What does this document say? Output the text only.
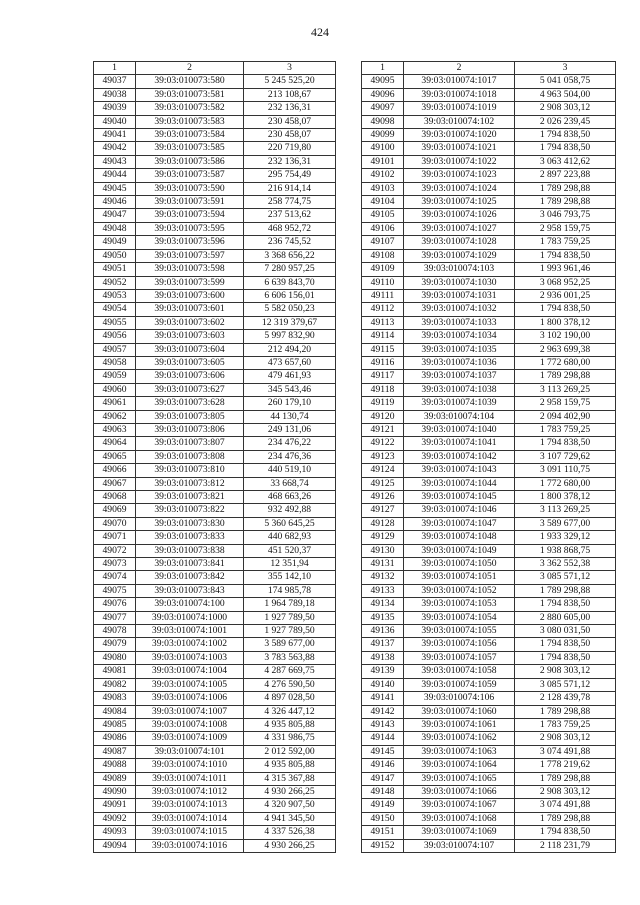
424
1	2	3
49037	39:03:010073:580	5 245 525,20
49038	39:03:010073:581	213 108,67
49039	39:03:010073:582	232 136,31
49040	39:03:010073:583	230 458,07
49041	39:03:010073:584	230 458,07
49042	39:03:010073:585	220 719,80
49043	39:03:010073:586	232 136,31
49044	39:03:010073:587	295 754,49
49045	39:03:010073:590	216 914,14
49046	39:03:010073:591	258 774,75
49047	39:03:010073:594	237 513,62
49048	39:03:010073:595	468 952,72
49049	39:03:010073:596	236 745,52
49050	39:03:010073:597	3 368 656,22
49051	39:03:010073:598	7 280 957,25
49052	39:03:010073:599	6 639 843,70
49053	39:03:010073:600	6 606 156,01
49054	39:03:010073:601	5 582 050,23
49055	39:03:010073:602	12 319 379,67
49056	39:03:010073:603	5 997 832,90
49057	39:03:010073:604	212 494,20
49058	39:03:010073:605	473 657,60
49059	39:03:010073:606	479 461,93
49060	39:03:010073:627	345 543,46
49061	39:03:010073:628	260 179,10
49062	39:03:010073:805	44 130,74
49063	39:03:010073:806	249 131,06
49064	39:03:010073:807	234 476,22
49065	39:03:010073:808	234 476,36
49066	39:03:010073:810	440 519,10
49067	39:03:010073:812	33 668,74
49068	39:03:010073:821	468 663,26
49069	39:03:010073:822	932 492,88
49070	39:03:010073:830	5 360 645,25
49071	39:03:010073:833	440 682,93
49072	39:03:010073:838	451 520,37
49073	39:03:010073:841	12 351,94
49074	39:03:010073:842	355 142,10
49075	39:03:010073:843	174 985,78
49076	39:03:010074:100	1 964 789,18
49077	39:03:010074:1000	1 927 789,50
49078	39:03:010074:1001	1 927 789,50
49079	39:03:010074:1002	3 589 677,00
49080	39:03:010074:1003	3 783 563,88
49081	39:03:010074:1004	4 287 669,75
49082	39:03:010074:1005	4 276 590,50
49083	39:03:010074:1006	4 897 028,50
49084	39:03:010074:1007	4 326 447,12
49085	39:03:010074:1008	4 935 805,88
49086	39:03:010074:1009	4 331 986,75
49087	39:03:010074:101	2 012 592,00
49088	39:03:010074:1010	4 935 805,88
49089	39:03:010074:1011	4 315 367,88
49090	39:03:010074:1012	4 930 266,25
49091	39:03:010074:1013	4 320 907,50
49092	39:03:010074:1014	4 941 345,50
49093	39:03:010074:1015	4 337 526,38
49094	39:03:010074:1016	4 930 266,25
1	2	3
49095	39:03:010074:1017	5 041 058,75
49096	39:03:010074:1018	4 963 504,00
49097	39:03:010074:1019	2 908 303,12
49098	39:03:010074:102	2 026 239,45
49099	39:03:010074:1020	1 794 838,50
49100	39:03:010074:1021	1 794 838,50
49101	39:03:010074:1022	3 063 412,62
49102	39:03:010074:1023	2 897 223,88
49103	39:03:010074:1024	1 789 298,88
49104	39:03:010074:1025	1 789 298,88
49105	39:03:010074:1026	3 046 793,75
49106	39:03:010074:1027	2 958 159,75
49107	39:03:010074:1028	1 783 759,25
49108	39:03:010074:1029	1 794 838,50
49109	39:03:010074:103	1 993 961,46
49110	39:03:010074:1030	3 068 952,25
49111	39:03:010074:1031	2 936 001,25
49112	39:03:010074:1032	1 794 838,50
49113	39:03:010074:1033	1 800 378,12
49114	39:03:010074:1034	3 102 190,00
49115	39:03:010074:1035	2 963 699,38
49116	39:03:010074:1036	1 772 680,00
49117	39:03:010074:1037	1 789 298,88
49118	39:03:010074:1038	3 113 269,25
49119	39:03:010074:1039	2 958 159,75
49120	39:03:010074:104	2 094 402,90
49121	39:03:010074:1040	1 783 759,25
49122	39:03:010074:1041	1 794 838,50
49123	39:03:010074:1042	3 107 729,62
49124	39:03:010074:1043	3 091 110,75
49125	39:03:010074:1044	1 772 680,00
49126	39:03:010074:1045	1 800 378,12
49127	39:03:010074:1046	3 113 269,25
49128	39:03:010074:1047	3 589 677,00
49129	39:03:010074:1048	1 933 329,12
49130	39:03:010074:1049	1 938 868,75
49131	39:03:010074:1050	3 362 552,38
49132	39:03:010074:1051	3 085 571,12
49133	39:03:010074:1052	1 789 298,88
49134	39:03:010074:1053	1 794 838,50
49135	39:03:010074:1054	2 880 605,00
49136	39:03:010074:1055	3 080 031,50
49137	39:03:010074:1056	1 794 838,50
49138	39:03:010074:1057	1 794 838,50
49139	39:03:010074:1058	2 908 303,12
49140	39:03:010074:1059	3 085 571,12
49141	39:03:010074:106	2 128 439,78
49142	39:03:010074:1060	1 789 298,88
49143	39:03:010074:1061	1 783 759,25
49144	39:03:010074:1062	2 908 303,12
49145	39:03:010074:1063	3 074 491,88
49146	39:03:010074:1064	1 778 219,62
49147	39:03:010074:1065	1 789 298,88
49148	39:03:010074:1066	2 908 303,12
49149	39:03:010074:1067	3 074 491,88
49150	39:03:010074:1068	1 789 298,88
49151	39:03:010074:1069	1 794 838,50
49152	39:03:010074:107	2 118 231,79
